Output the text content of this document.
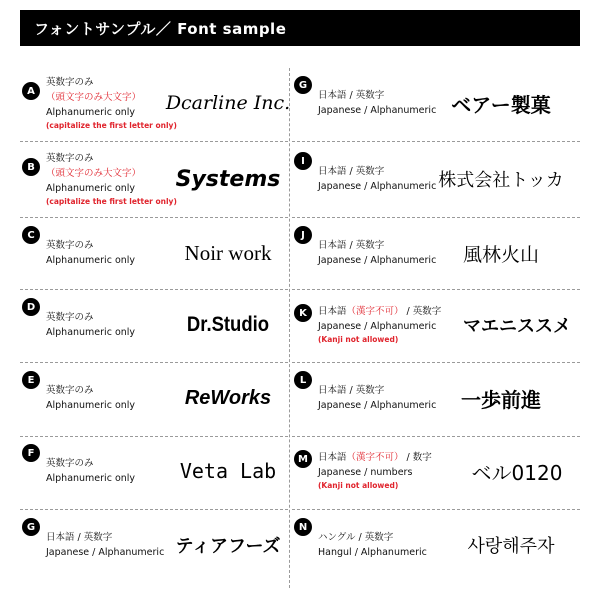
フォントサンプル／ Font sample
A
英数字のみ
（頭文字のみ大文字）
Alphanumeric only
(capitalize the first letter only)
Dcarline Inc.
B
英数字のみ
（頭文字のみ大文字）
Alphanumeric only
(capitalize the first letter only)
Systems
C
英数字のみ
Alphanumeric only	Noir work
D
英数字のみ
Alphanumeric only	Dr.Studio
E
英数字のみ
Alphanumeric only	ReWorks
F
英数字のみ
Alphanumeric only	Veta Lab
G
日本語 / 英数字
Japanese / Alphanumeric ティアフーズ
G
日本語 / 英数字
Japanese / Alphanumeric ベアー製菓
I
日本語 / 英数字
Japanese / Alphanumeric 株式会社トッカ
J
日本語 / 英数字
Japanese / Alphanumeric	風林火山
K	日本語（漢字不可） / 英数字
Japanese / Alphanumeric
(Kanji not allowed)
マエニススメ
L
日本語 / 英数字
Japanese / Alphanumeric	一歩前進
M	日本語（漢字不可） / 数字
Japanese / numbers
(Kanji not allowed)
ベル0120
N
ハングル / 英数字
Hangul / Alphanumeric	사랑해주자
